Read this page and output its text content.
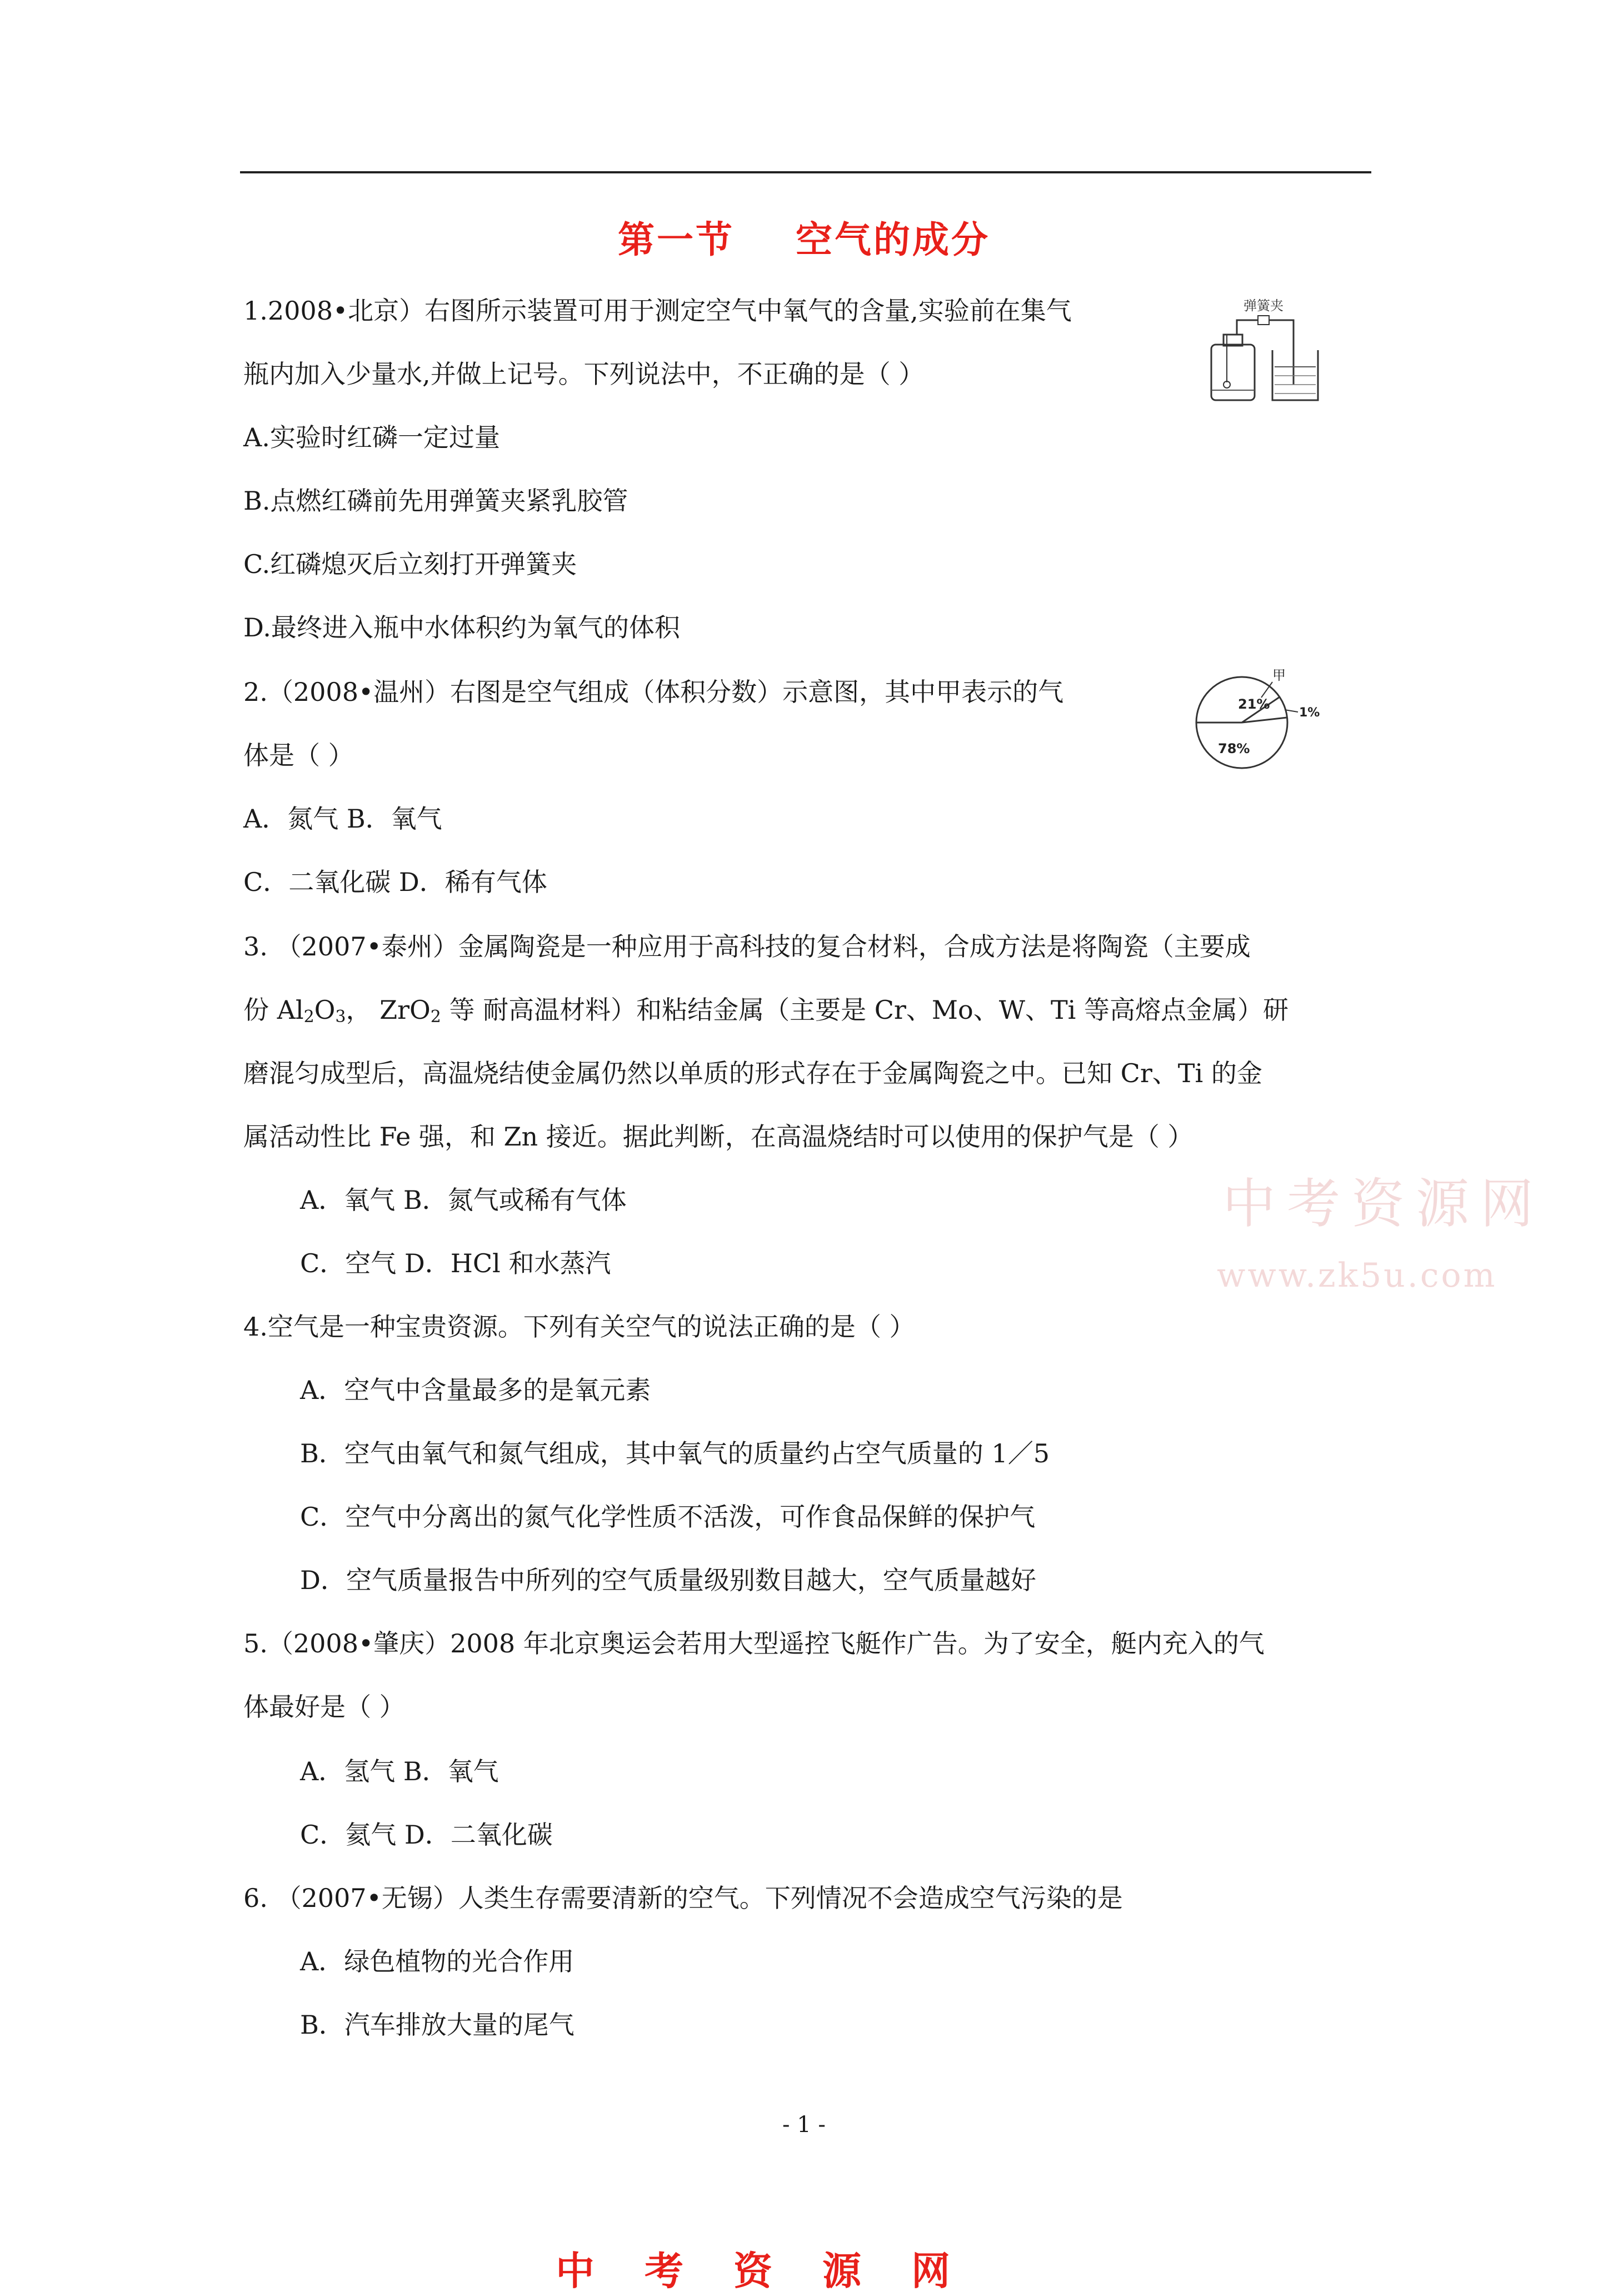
第一节 空气的成分
1.2008•北京）右图所示装置可用于测定空气中氧气的含量,实验前在集气
瓶内加入少量水,并做上记号。下列说法中，不正确的是（ ）
A.实验时红磷一定过量
B.点燃红磷前先用弹簧夹紧乳胶管
C.红磷熄灭后立刻打开弹簧夹
D.最终进入瓶中水体积约为氧气的体积
2.（2008•温州）右图是空气组成（体积分数）示意图，其中甲表示的气
体是（ ）
A．氮气 B．氧气
C．二氧化碳 D．稀有气体
3. （2007•泰州）金属陶瓷是一种应用于高科技的复合材料，合成方法是将陶瓷（主要成
份 $Al_2O_3$， ZrO$_2$ 等 耐高温材料）和粘结金属（主要是 Cr、Mo、W、Ti 等高熔点金属）研
磨混匀成型后，高温烧结使金属仍然以单质的形式存在于金属陶瓷之中。已知 Cr、Ti 的金
属活动性比 Fe 强，和 Zn 接近。据此判断，在高温烧结时可以使用的保护气是（ ）
A．氧气 B．氮气或稀有气体
C．空气 D．HCl 和水蒸汽
4.空气是一种宝贵资源。下列有关空气的说法正确的是（ ）
A．空气中含量最多的是氧元素
B．空气由氧气和氮气组成，其中氧气的质量约占空气质量的 1／5
C．空气中分离出的氮气化学性质不活泼，可作食品保鲜的保护气
D．空气质量报告中所列的空气质量级别数目越大，空气质量越好
5.（2008•肇庆）2008 年北京奥运会若用大型遥控飞艇作广告。为了安全，艇内充入的气
体最好是（ ）
A．氢气 B．氧气
C．氦气 D．二氧化碳
6. （2007•无锡）人类生存需要清新的空气。下列情况不会造成空气污染的是
A．绿色植物的光合作用
B．汽车排放大量的尾气
弹簧夹
甲
21%
1%
78%
中考资源网
www.zk5u.com
- 1 -
中考资源网
